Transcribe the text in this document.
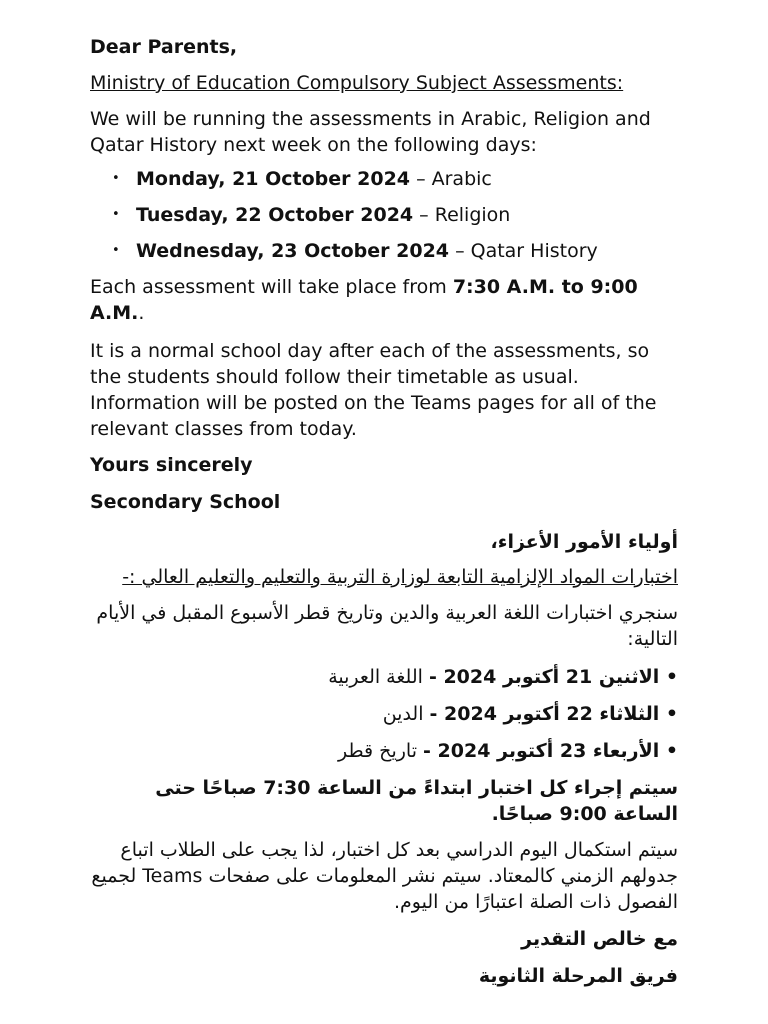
Dear Parents,

Ministry of Education Compulsory Subject Assessments:

We will be running the assessments in Arabic, Religion and Qatar History next week on the following days:

• Monday, 21 October 2024 – Arabic
• Tuesday, 22 October 2024 – Religion
• Wednesday, 23 October 2024 – Qatar History

Each assessment will take place from 7:30 A.M. to 9:00 A.M..

It is a normal school day after each of the assessments, so the students should follow their timetable as usual. Information will be posted on the Teams pages for all of the relevant classes from today.

Yours sincerely

Secondary School

أولياء الأمور الأعزاء،

اختبارات المواد الإلزامية التابعة لوزارة التربية والتعليم والتعليم العالي :-

سنجري اختبارات اللغة العربية والدين وتاريخ قطر الأسبوع المقبل في الأيام التالية:

• الاثنين 21 أكتوبر 2024 - اللغة العربية

• الثلاثاء 22 أكتوبر 2024 - الدين

• الأربعاء 23 أكتوبر 2024 - تاريخ قطر

سيتم إجراء كل اختبار ابتداءً من الساعة 7:30 صباحًا حتى الساعة 9:00 صباحًا.

سيتم استكمال اليوم الدراسي بعد كل اختبار، لذا يجب على الطلاب اتباع جدولهم الزمني كالمعتاد. سيتم نشر المعلومات على صفحات Teams لجميع الفصول ذات الصلة اعتبارًا من اليوم.

مع خالص التقدير

فريق المرحلة الثانوية
